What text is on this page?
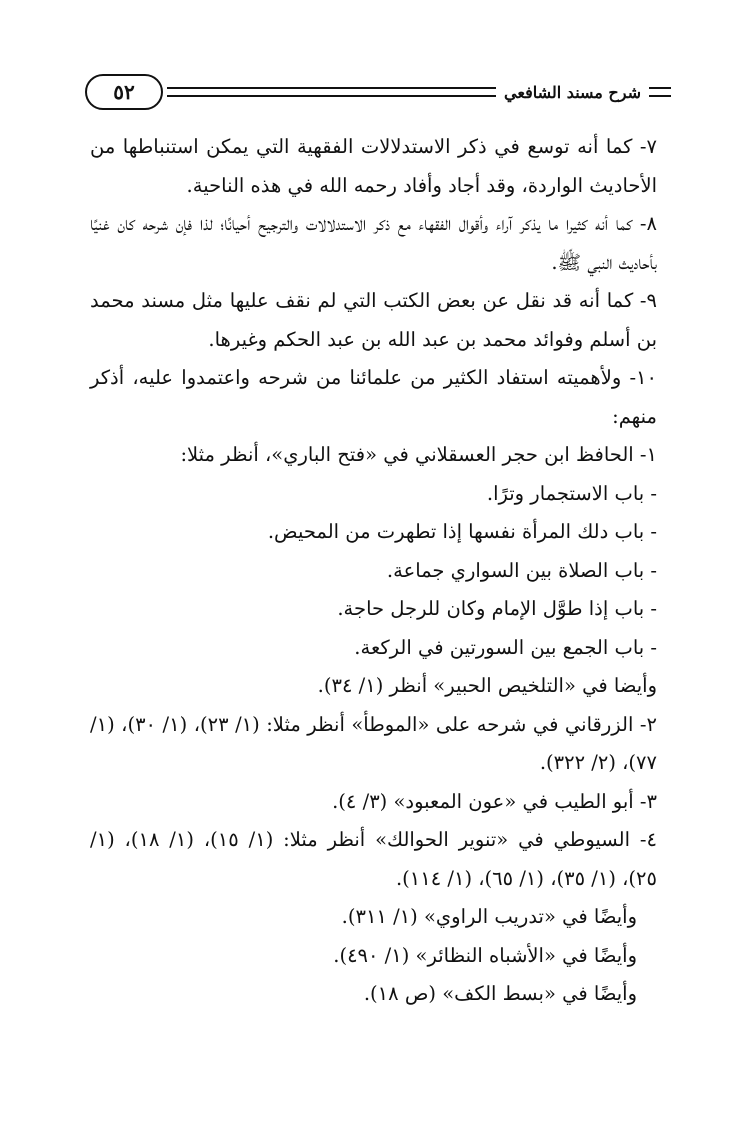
٥٢	شرح مسند الشافعي

٧- كما أنه توسع في ذكر الاستدلالات الفقهية التي يمكن استنباطها من الأحاديث الواردة، وقد أجاد وأفاد رحمه الله في هذه الناحية.

٨- كما أنه كثيرا ما يذكر آراء وأقوال الفقهاء مع ذكر الاستدلالات والترجيح أحيانًا؛ لذا فإن شرحه كان غنيًا بأحاديث النبي ﷺ.

٩- كما أنه قد نقل عن بعض الكتب التي لم نقف عليها مثل مسند محمد بن أسلم وفوائد محمد بن عبد الله بن عبد الحكم وغيرها.

١٠- ولأهميته استفاد الكثير من علمائنا من شرحه واعتمدوا عليه، أذكر منهم:

١- الحافظ ابن حجر العسقلاني في «فتح الباري»، أنظر مثلا:

- باب الاستجمار وترًا.

- باب دلك المرأة نفسها إذا تطهرت من المحيض.

- باب الصلاة بين السواري جماعة.

- باب إذا طوَّل الإمام وكان للرجل حاجة.

- باب الجمع بين السورتين في الركعة.

وأيضا في «التلخيص الحبير» أنظر (١/ ٣٤).

٢- الزرقاني في شرحه على «الموطأ» أنظر مثلا: (١/ ٢٣)، (١/ ٣٠)، (١/ ٧٧)، (٢/ ٣٢٢).

٣- أبو الطيب في «عون المعبود» (٣/ ٤).

٤- السيوطي في «تنوير الحوالك» أنظر مثلا: (١/ ١٥)، (١/ ١٨)، (١/ ٢٥)، (١/ ٣٥)، (١/ ٦٥)، (١/ ١١٤).

وأيضًا في «تدريب الراوي» (١/ ٣١١).

وأيضًا في «الأشباه النظائر» (١/ ٤٩٠).

وأيضًا في «بسط الكف» (ص ١٨).
